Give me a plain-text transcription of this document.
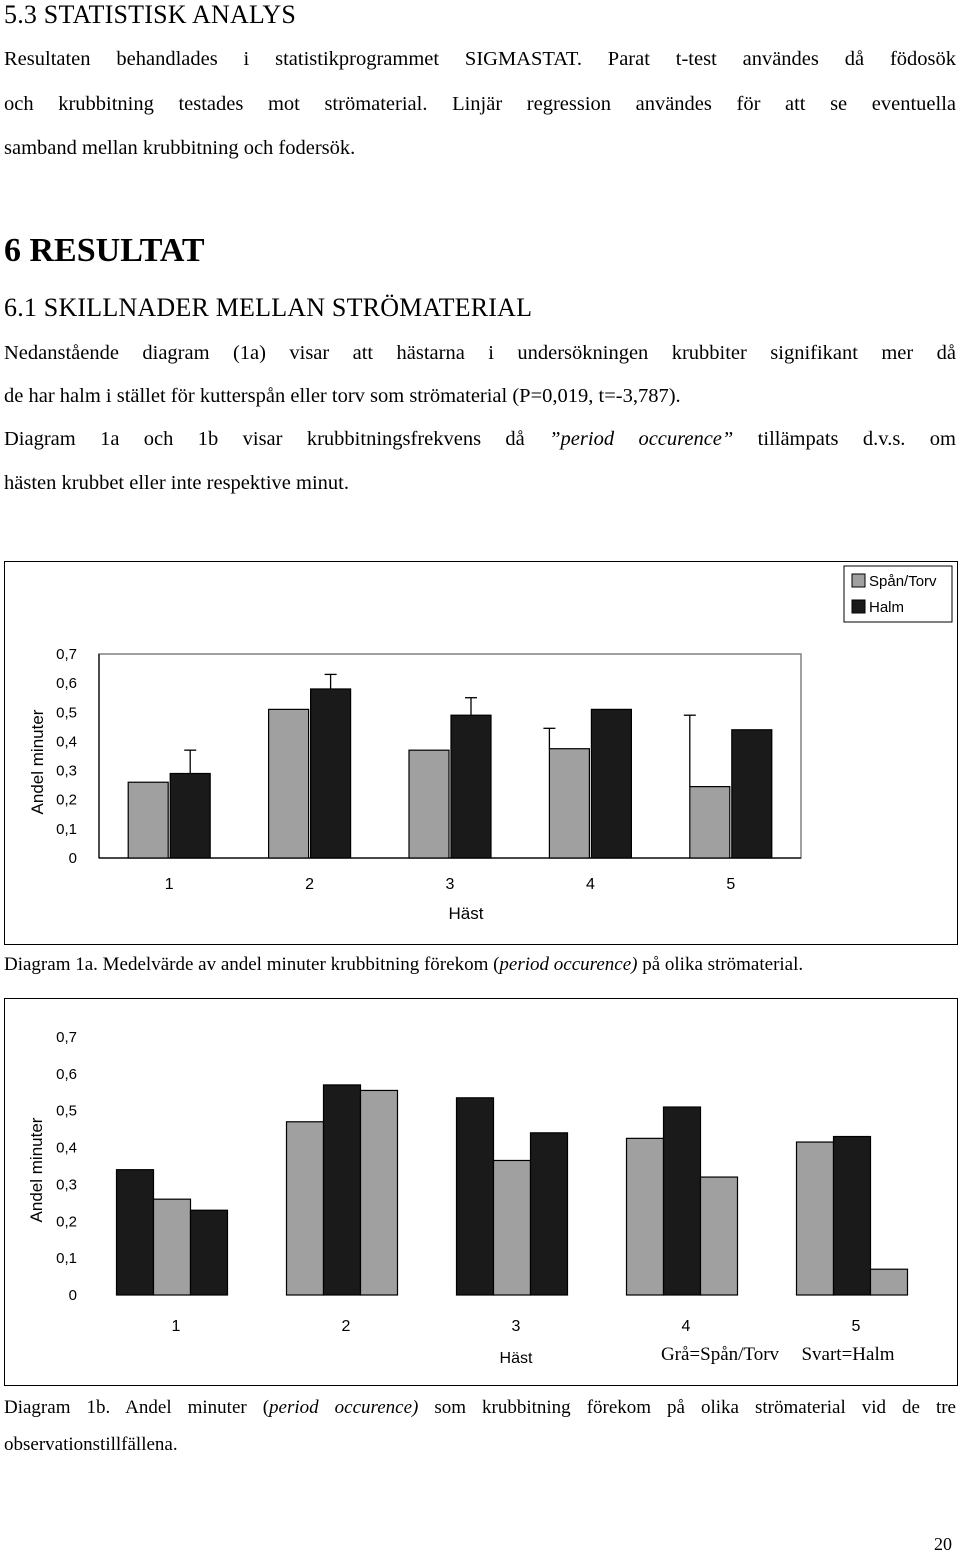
5.3 STATISTISK ANALYS
Resultaten behandlades i statistikprogrammet SIGMASTAT. Parat t-test användes då födosök
och krubbitning testades mot strömaterial. Linjär regression användes för att se eventuella
samband mellan krubbitning och fodersök.
6 RESULTAT
6.1 SKILLNADER MELLAN STRÖMATERIAL
Nedanstående diagram (1a) visar att hästarna i undersökningen krubbiter signifikant mer då
de har halm i stället för kutterspån eller torv som strömaterial (P=0,019, t=-3,787).
Diagram 1a och 1b visar krubbitningsfrekvens då ”period occurence” tillämpats d.v.s. om
hästen krubbet eller inte respektive minut.
0
0,1
0,2
0,3
0,4
0,5
0,6
0,7
1	2	3	4	5
Häst
Andel minuter
Spån/Torv
Halm
Diagram 1a. Medelvärde av andel minuter krubbitning förekom (period occurence) på olika strömaterial.
0
0,1
0,2
0,3
0,4
0,5
0,6
0,7
1	2	3	4	5
Häst	Grå=Spån/Torv Svart=Halm
Andel minuter
Diagram 1b. Andel minuter (period occurence) som krubbitning förekom på olika strömaterial vid de tre
observationstillfällena.
20
